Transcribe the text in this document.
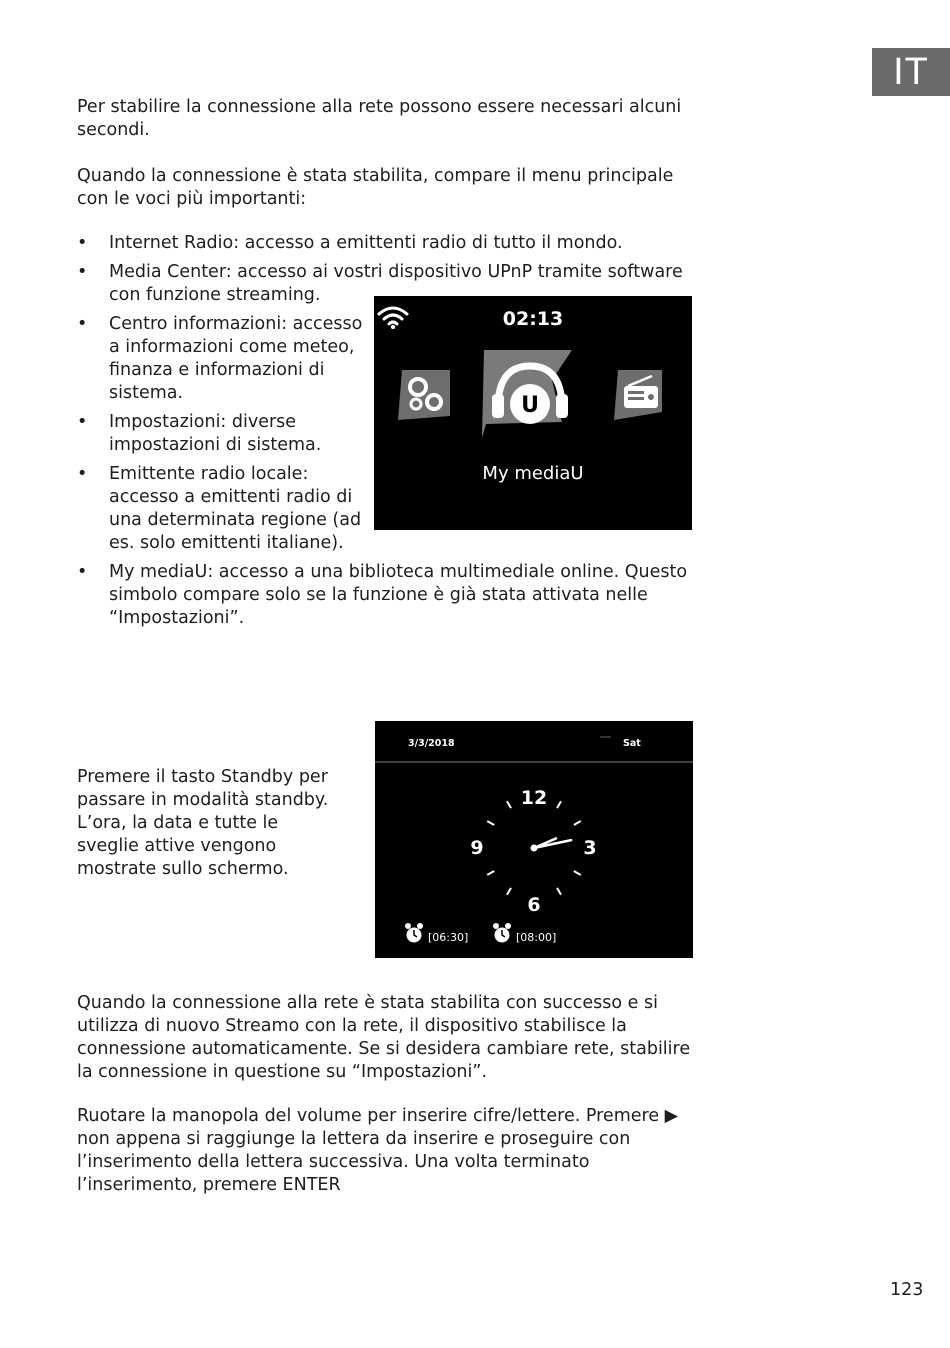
IT

Per stabilire la connessione alla rete possono essere necessari alcuni secondi.

Quando la connessione è stata stabilita, compare il menu principale con le voci più importanti:

• Internet Radio: accesso a emittenti radio di tutto il mondo.
• Media Center: accesso ai vostri dispositivo UPnP tramite software con funzione streaming.
• Centro informazioni: accesso a informazioni come meteo, finanza e informazioni di sistema.
• Impostazioni: diverse impostazioni di sistema.
• Emittente radio locale: accesso a emittenti radio di una determinata regione (ad es. solo emittenti italiane).
• My mediaU: accesso a una biblioteca multimediale online. Questo simbolo compare solo se la funzione è già stata attivata nelle “Impostazioni”.
02:13
U
My mediaU

Premere il tasto Standby per passare in modalità standby. L’ora, la data e tutte le sveglie attive vengono mostrate sullo schermo.

3/3/2018	Sat
12
3
6
9
[06:30]	[08:00]

Quando la connessione alla rete è stata stabilita con successo e si utilizza di nuovo Streamo con la rete, il dispositivo stabilisce la connessione automaticamente. Se si desidera cambiare rete, stabilire la connessione in questione su “Impostazioni”.

Ruotare la manopola del volume per inserire cifre/lettere. Premere ▶ non appena si raggiunge la lettera da inserire e proseguire con l’inserimento della lettera successiva. Una volta terminato l’inserimento, premere ENTER

123
